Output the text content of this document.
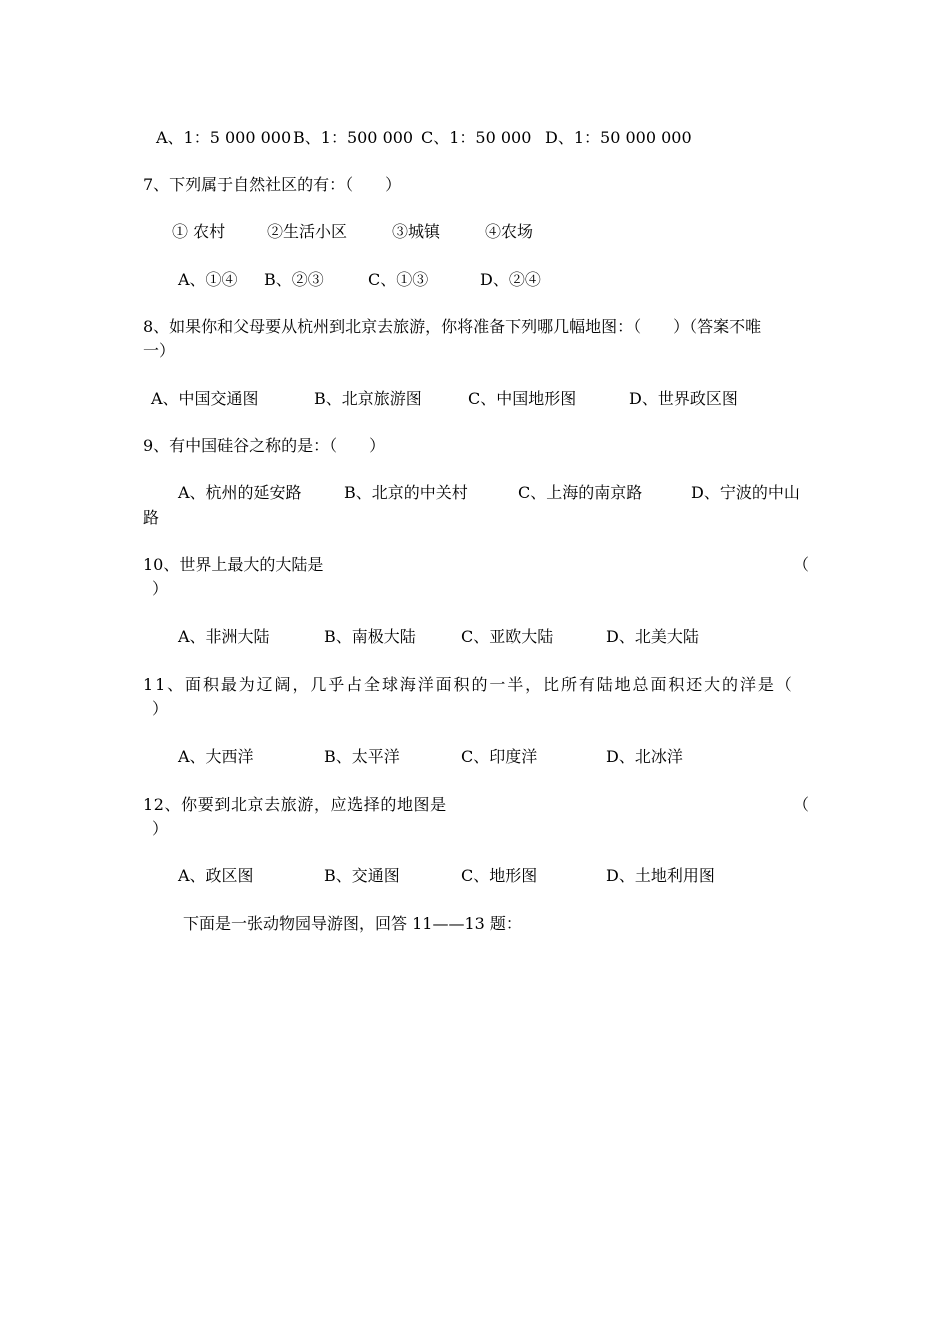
A、1：5 000 000 B、1：500 000 C、1：50 000 D、1：50 000 000
7、下列属于自然社区的有：（　　）
① 农村	②生活小区	③城镇	④农场
A、①④ B、②③	C、①③	D、②④
8、如果你和父母要从杭州到北京去旅游，你将准备下列哪几幅地图：（　　）（答案不唯
一）
A、中国交通图	B、北京旅游图	C、中国地形图	D、世界政区图
9、有中国硅谷之称的是：（　　）
A、杭州的延安路	B、北京的中关村	C、上海的南京路	D、宁波的中山
路
10、世界上最大的大陆是	（
）
A、非洲大陆	B、南极大陆	C、亚欧大陆	D、北美大陆
11、面积最为辽阔，几乎占全球海洋面积的一半，比所有陆地总面积还大的洋是（
）
A、大西洋	B、太平洋	C、印度洋	D、北冰洋
12、你要到北京去旅游，应选择的地图是	（
）
A、政区图	B、交通图	C、地形图	D、土地利用图
下面是一张动物园导游图，回答 11——13 题：
